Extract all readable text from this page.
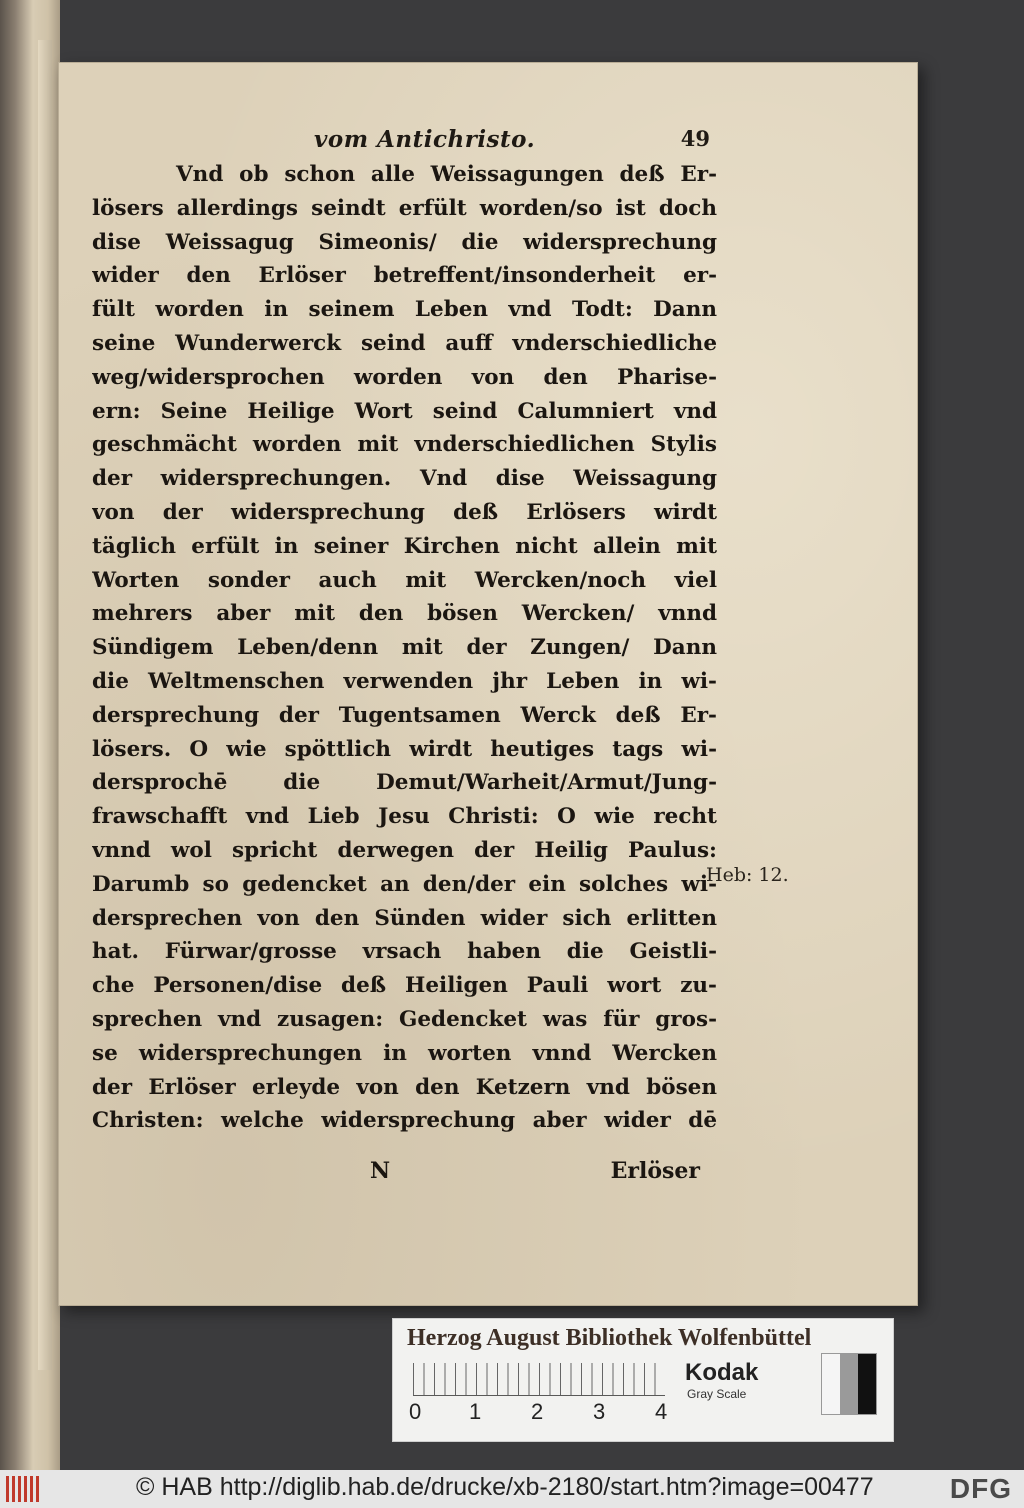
vom Antichristo.	49
Vnd ob schon alle Weissagungen deß Er-
lösers allerdings seindt erfült worden/so ist doch
dise Weissagug Simeonis/ die widersprechung
wider den Erlöser betreffent/insonderheit er-
fült worden in seinem Leben vnd Todt: Dann
seine Wunderwerck seind auff vnderschiedliche
weg/widersprochen worden von den Pharise-
ern: Seine Heilige Wort seind Calumniert vnd
geschmächt worden mit vnderschiedlichen Stylis
der widersprechungen. Vnd dise Weissagung
von der widersprechung deß Erlösers wirdt
täglich erfült in seiner Kirchen nicht allein mit
Worten sonder auch mit Wercken/noch viel
mehrers aber mit den bösen Wercken/ vnnd
Sündigem Leben/denn mit der Zungen/ Dann
die Weltmenschen verwenden jhr Leben in wi-
dersprechung der Tugentsamen Werck deß Er-
lösers. O wie spöttlich wirdt heutiges tags wi-
dersprochē die Demut/Warheit/Armut/Jung-
frawschafft vnd Lieb Jesu Christi: O wie recht
vnnd wol spricht derwegen der Heilig Paulus:
Darumb so gedencket an den/der ein solches wi-
dersprechen von den Sünden wider sich erlitten
hat. Fürwar/grosse vrsach haben die Geistli-
che Personen/dise deß Heiligen Pauli wort zu-
sprechen vnd zusagen: Gedencket was für gros-
se widersprechungen in worten vnnd Wercken
der Erlöser erleyde von den Ketzern vnd bösen
Christen: welche widersprechung aber wider dē
Heb: 12.
N	Erlöser
Herzog August Bibliothek Wolfenbüttel
0 1 2 3 4
Kodak
Gray Scale
© HAB http://diglib.hab.de/drucke/xb-2180/start.htm?image=00477	DFG
